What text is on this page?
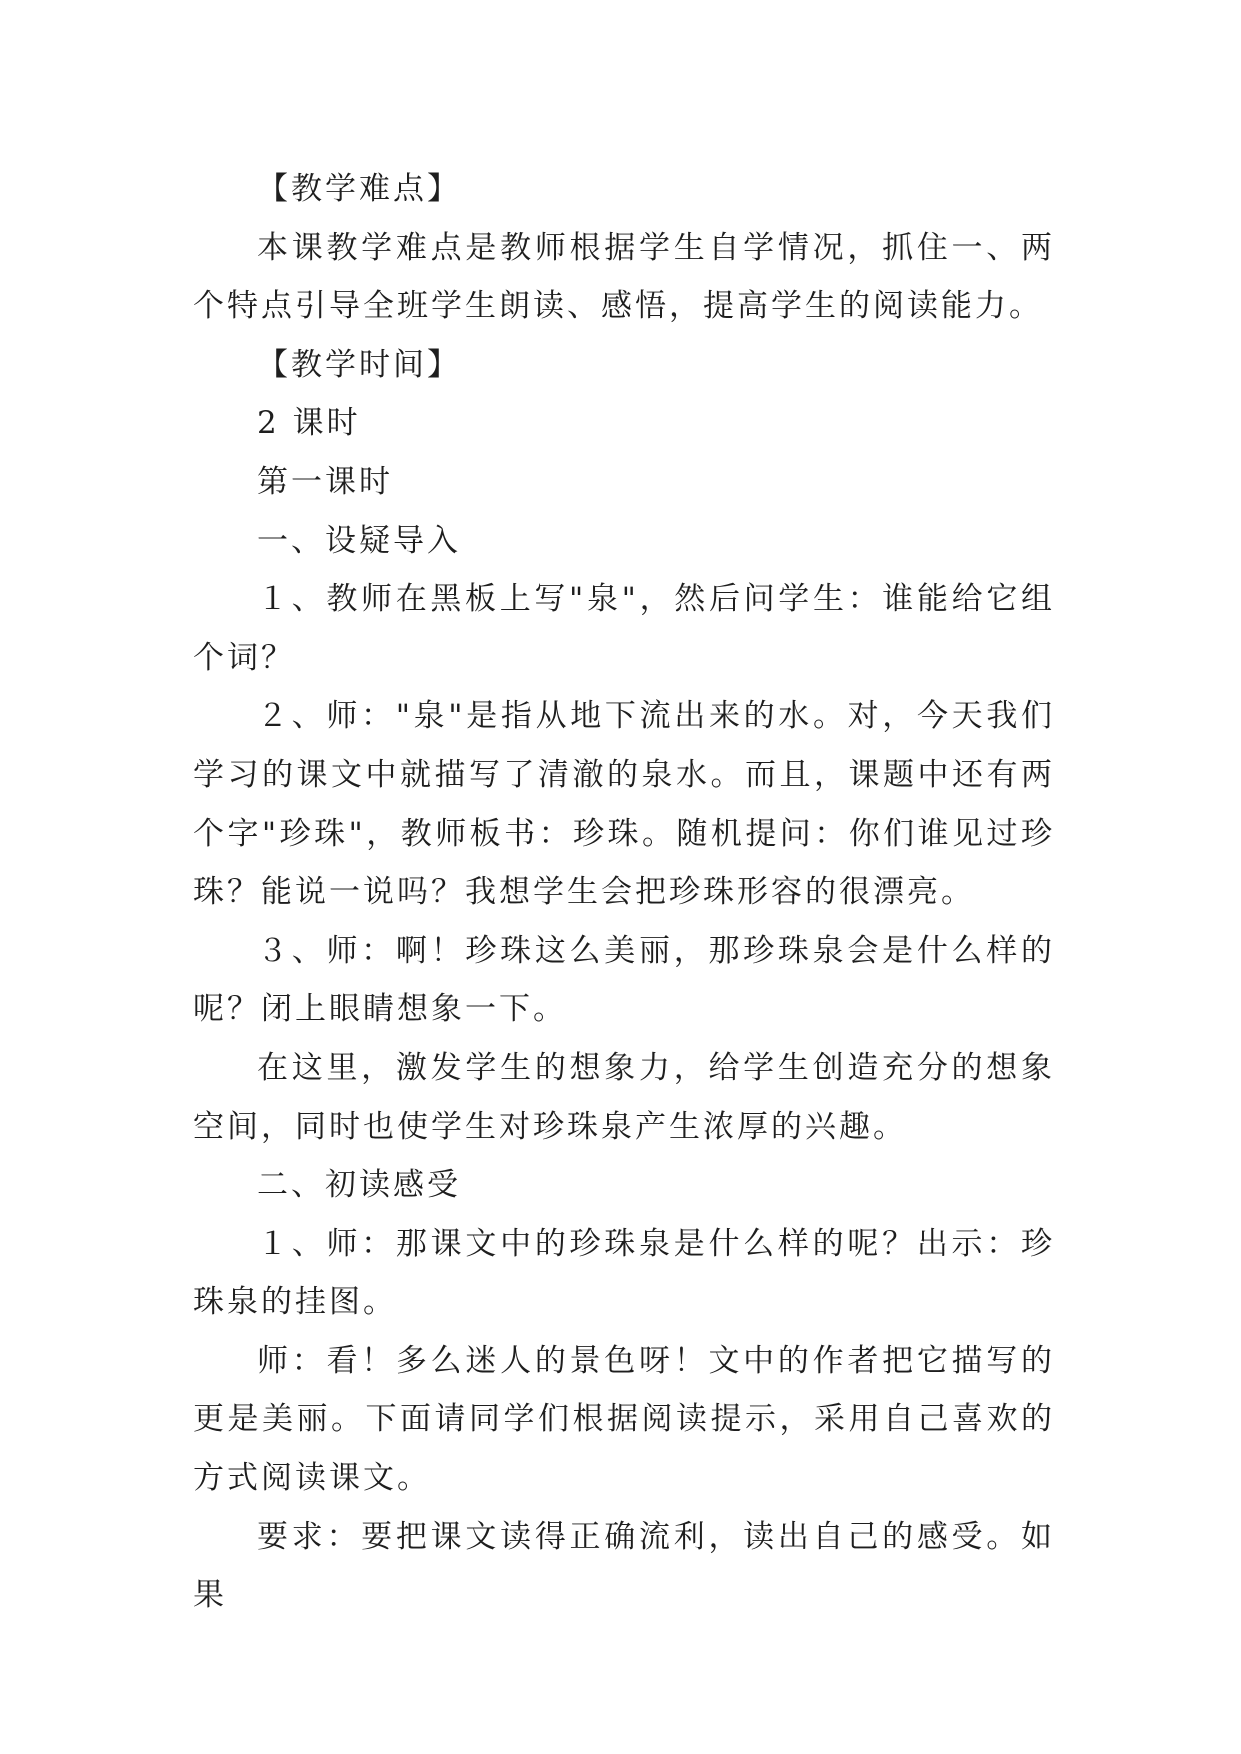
【教学难点】

本课教学难点是教师根据学生自学情况，抓住一、两个特点引导全班学生朗读、感悟，提高学生的阅读能力。

【教学时间】

2 课时

第一课时

一、设疑导入

１、教师在黑板上写"泉"，然后问学生：谁能给它组个词？

２、师："泉"是指从地下流出来的水。对，今天我们学习的课文中就描写了清澈的泉水。而且，课题中还有两个字"珍珠"，教师板书：珍珠。随机提问：你们谁见过珍珠？能说一说吗？我想学生会把珍珠形容的很漂亮。

３、师：啊！珍珠这么美丽，那珍珠泉会是什么样的呢？闭上眼睛想象一下。

在这里，激发学生的想象力，给学生创造充分的想象空间，同时也使学生对珍珠泉产生浓厚的兴趣。

二、初读感受

１、师：那课文中的珍珠泉是什么样的呢？出示：珍珠泉的挂图。

师：看！多么迷人的景色呀！文中的作者把它描写的更是美丽。下面请同学们根据阅读提示，采用自己喜欢的方式阅读课文。

要求：要把课文读得正确流利，读出自己的感受。如果
